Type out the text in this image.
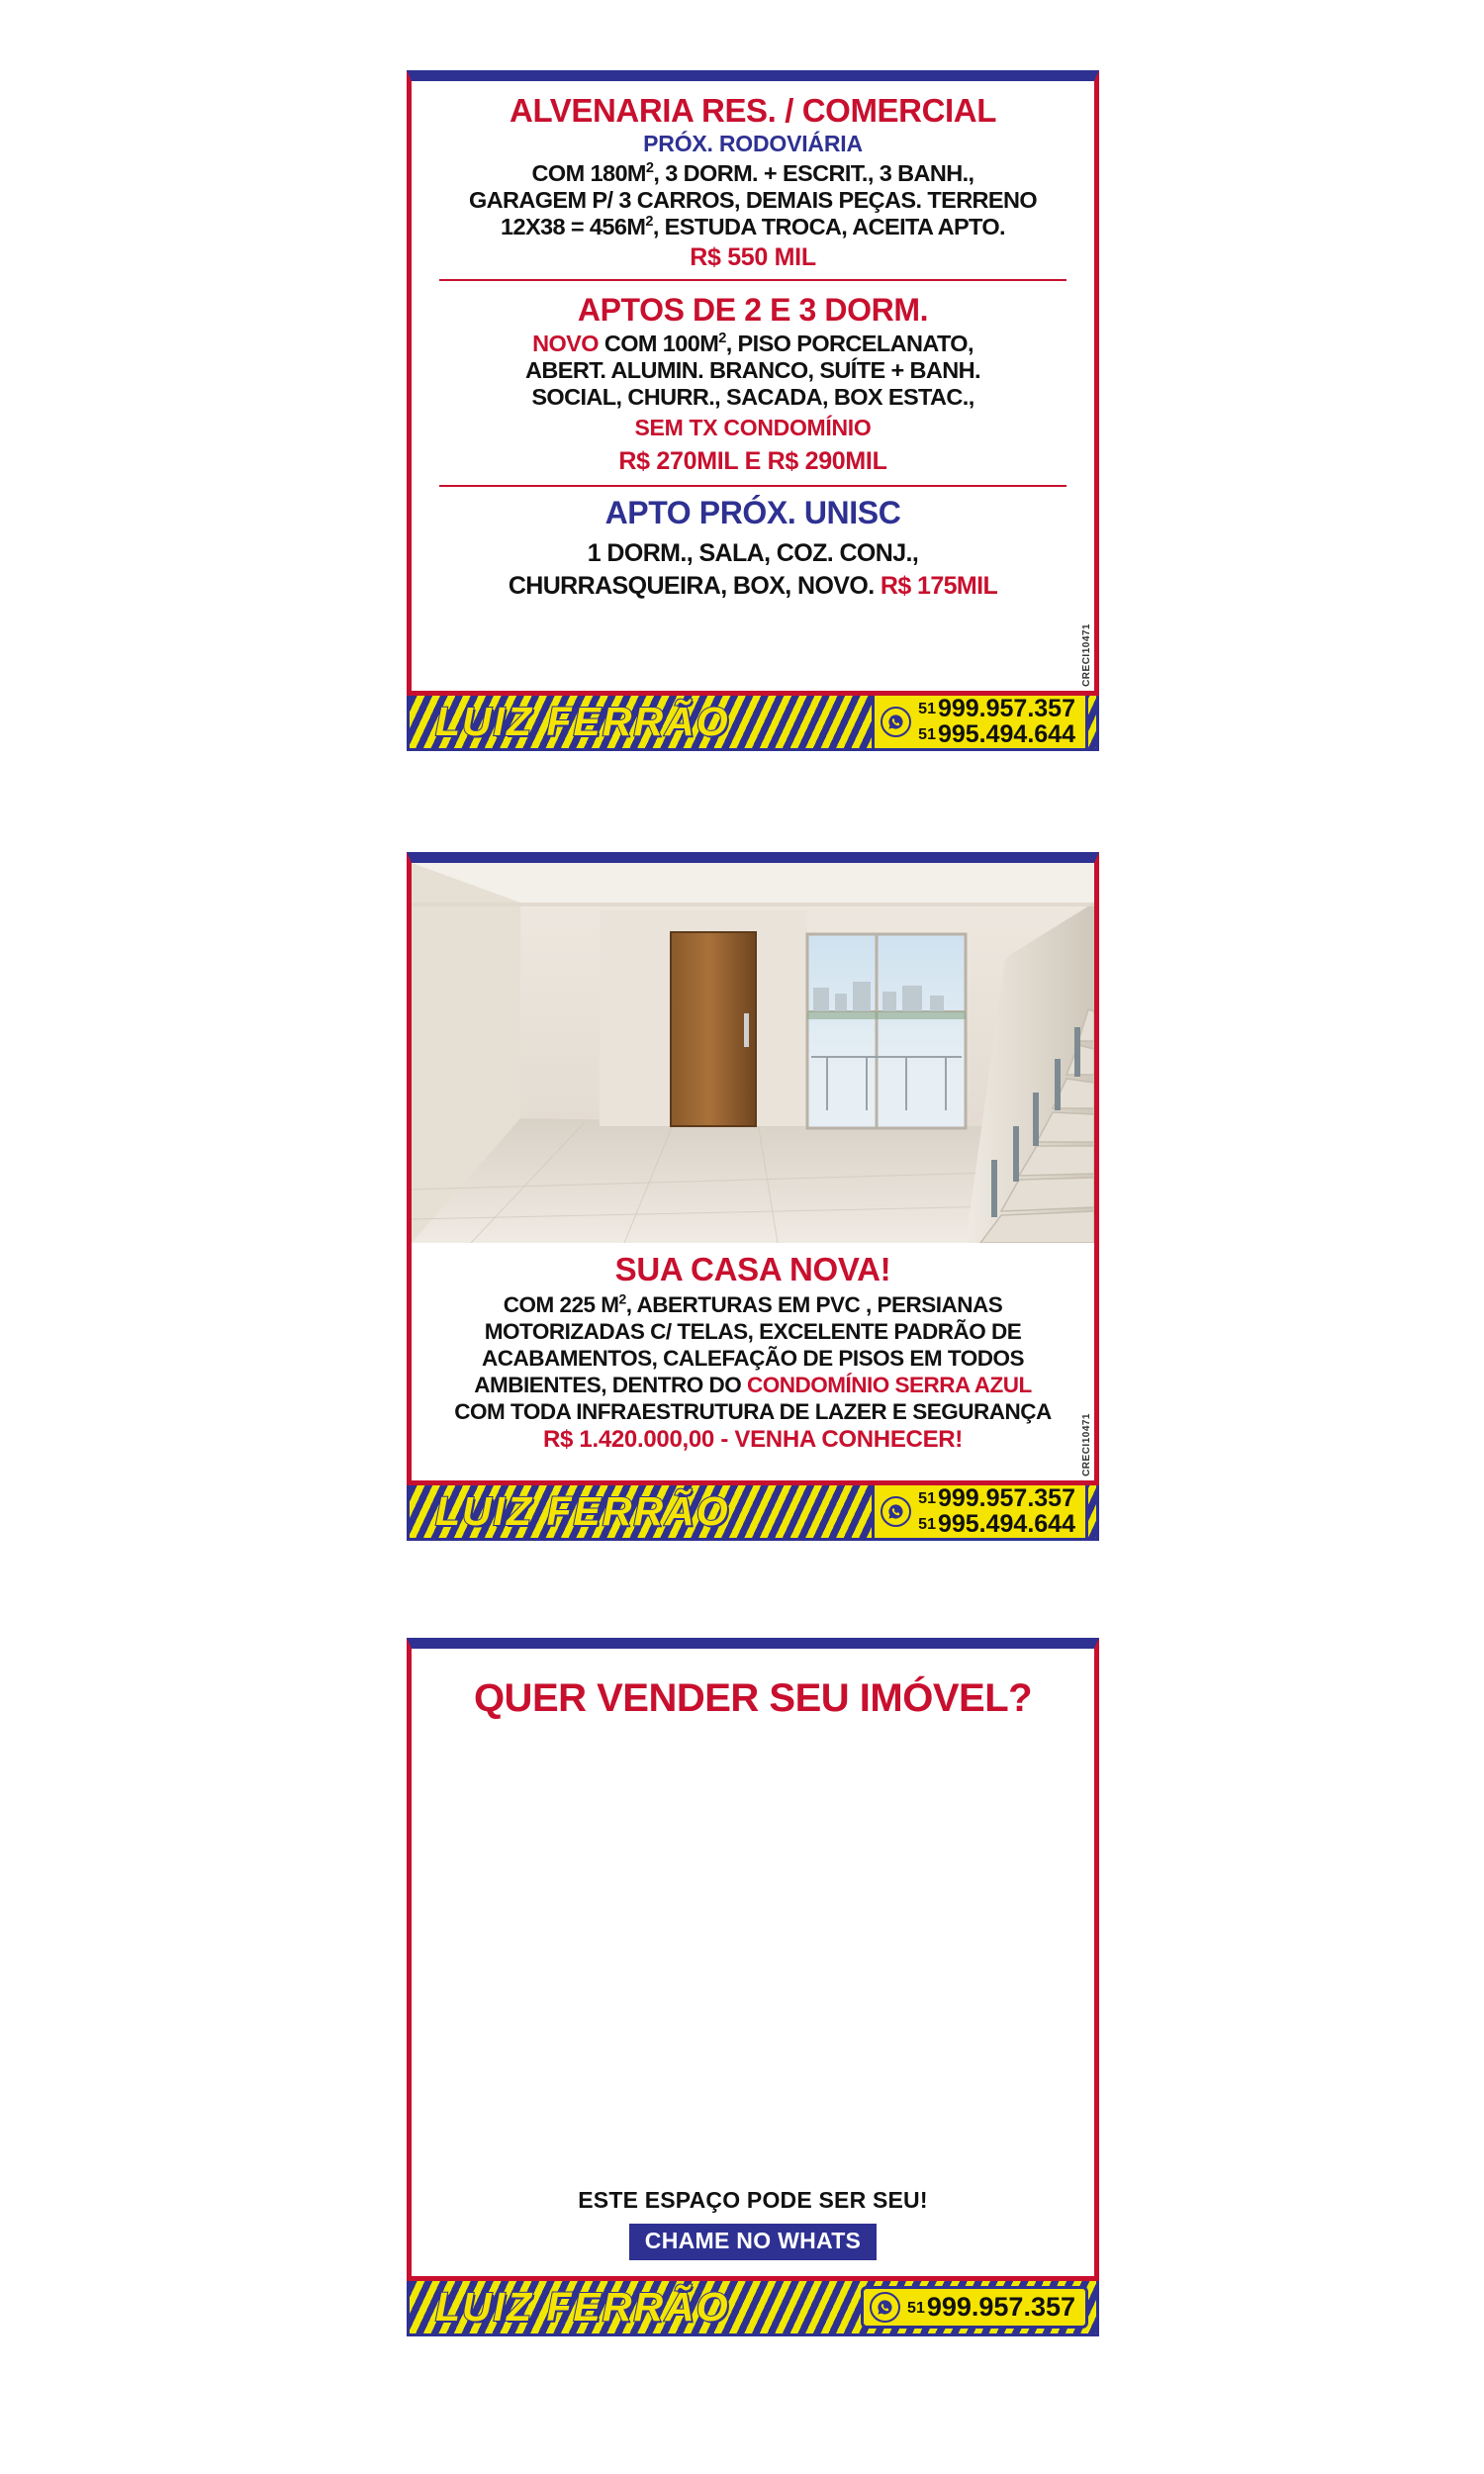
CRECI10471
ALVENARIA RES. / COMERCIAL
PRÓX. RODOVIÁRIA
COM $180M^2$, 3 DORM. + ESCRIT., 3 BANH.,
GARAGEM P/ 3 CARROS, DEMAIS PEÇAS. TERRENO
$12X38 = 456M^2$, ESTUDA TROCA, ACEITA APTO.
R$ 550 MIL
APTOS DE 2 E 3 DORM.
NOVO COM $100M^2$, PISO PORCELANATO,
ABERT. ALUMIN. BRANCO, SUÍTE + BANH.
SOCIAL, CHURR., SACADA, BOX ESTAC.,
SEM TX CONDOMÍNIO
R$ 270MIL E R$ 290MIL
APTO PRÓX. UNISC
1 DORM., SALA, COZ. CONJ.,
CHURRASQUEIRA, BOX, NOVO. R$ 175MIL
LUIZ FERRÃO	51999.957.357
51995.494.644
CRECI10471
SUA CASA NOVA!
COM 225 $M^2$, ABERTURAS EM PVC , PERSIANAS
MOTORIZADAS C/ TELAS, EXCELENTE PADRÃO DE
ACABAMENTOS, CALEFAÇÃO DE PISOS EM TODOS
AMBIENTES, DENTRO DO CONDOMÍNIO SERRA AZUL
COM TODA INFRAESTRUTURA DE LAZER E SEGURANÇA
R$ 1.420.000,00 - VENHA CONHECER!
LUIZ FERRÃO	51999.957.357
51995.494.644
QUER VENDER SEU IMÓVEL?
ESTE ESPAÇO PODE SER SEU!
CHAME NO WHATS
LUIZ FERRÃO	51999.957.357
